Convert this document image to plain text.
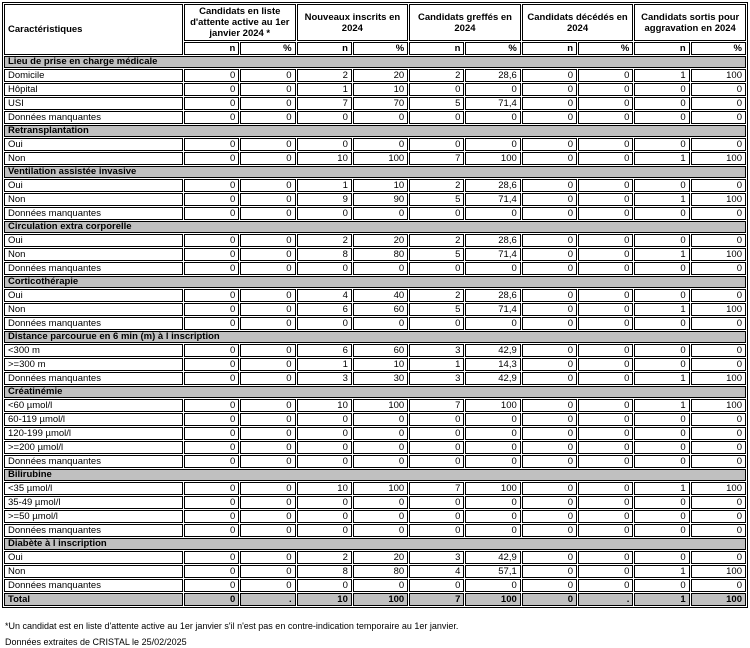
Caractéristiques	Candidats en liste d'attente active au 1er janvier 2024 *		Nouveaux inscrits en 2024		Candidats greffés en 2024		Candidats décédés en 2024		Candidats sortis pour aggravation en 2024	
	n	%	n	%	n	%	n	%	n	%
Lieu de prise en charge médicale										
Domicile	0	0	2	20	2	28,6	0	0	1	100
Hôpital	0	0	1	10	0	0	0	0	0	0
USI	0	0	7	70	5	71,4	0	0	0	0
Données manquantes	0	0	0	0	0	0	0	0	0	0
Retransplantation										
Oui	0	0	0	0	0	0	0	0	0	0
Non	0	0	10	100	7	100	0	0	1	100
Ventilation assistée invasive										
Oui	0	0	1	10	2	28,6	0	0	0	0
Non	0	0	9	90	5	71,4	0	0	1	100
Données manquantes	0	0	0	0	0	0	0	0	0	0
Circulation extra corporelle										
Oui	0	0	2	20	2	28,6	0	0	0	0
Non	0	0	8	80	5	71,4	0	0	1	100
Données manquantes	0	0	0	0	0	0	0	0	0	0
Corticothérapie										
Oui	0	0	4	40	2	28,6	0	0	0	0
Non	0	0	6	60	5	71,4	0	0	1	100
Données manquantes	0	0	0	0	0	0	0	0	0	0
Distance parcourue en 6 min (m) à l inscription										
<300 m	0	0	6	60	3	42,9	0	0	0	0
>=300 m	0	0	1	10	1	14,3	0	0	0	0
Données manquantes	0	0	3	30	3	42,9	0	0	1	100
Créatinémie										
<60 µmol/l	0	0	10	100	7	100	0	0	1	100
60-119 µmol/l	0	0	0	0	0	0	0	0	0	0
120-199 µmol/l	0	0	0	0	0	0	0	0	0	0
>=200 µmol/l	0	0	0	0	0	0	0	0	0	0
Données manquantes	0	0	0	0	0	0	0	0	0	0
Bilirubine										
<35 µmol/l	0	0	10	100	7	100	0	0	1	100
35-49 µmol/l	0	0	0	0	0	0	0	0	0	0
>=50 µmol/l	0	0	0	0	0	0	0	0	0	0
Données manquantes	0	0	0	0	0	0	0	0	0	0
Diabète à l inscription										
Oui	0	0	2	20	3	42,9	0	0	0	0
Non	0	0	8	80	4	57,1	0	0	1	100
Données manquantes	0	0	0	0	0	0	0	0	0	0
Total	0	.	10	100	7	100	0	.	1	100

*Un candidat est en liste d'attente active au 1er janvier s'il n'est pas en contre-indication temporaire au 1er janvier.

Données extraites de CRISTAL le 25/02/2025
